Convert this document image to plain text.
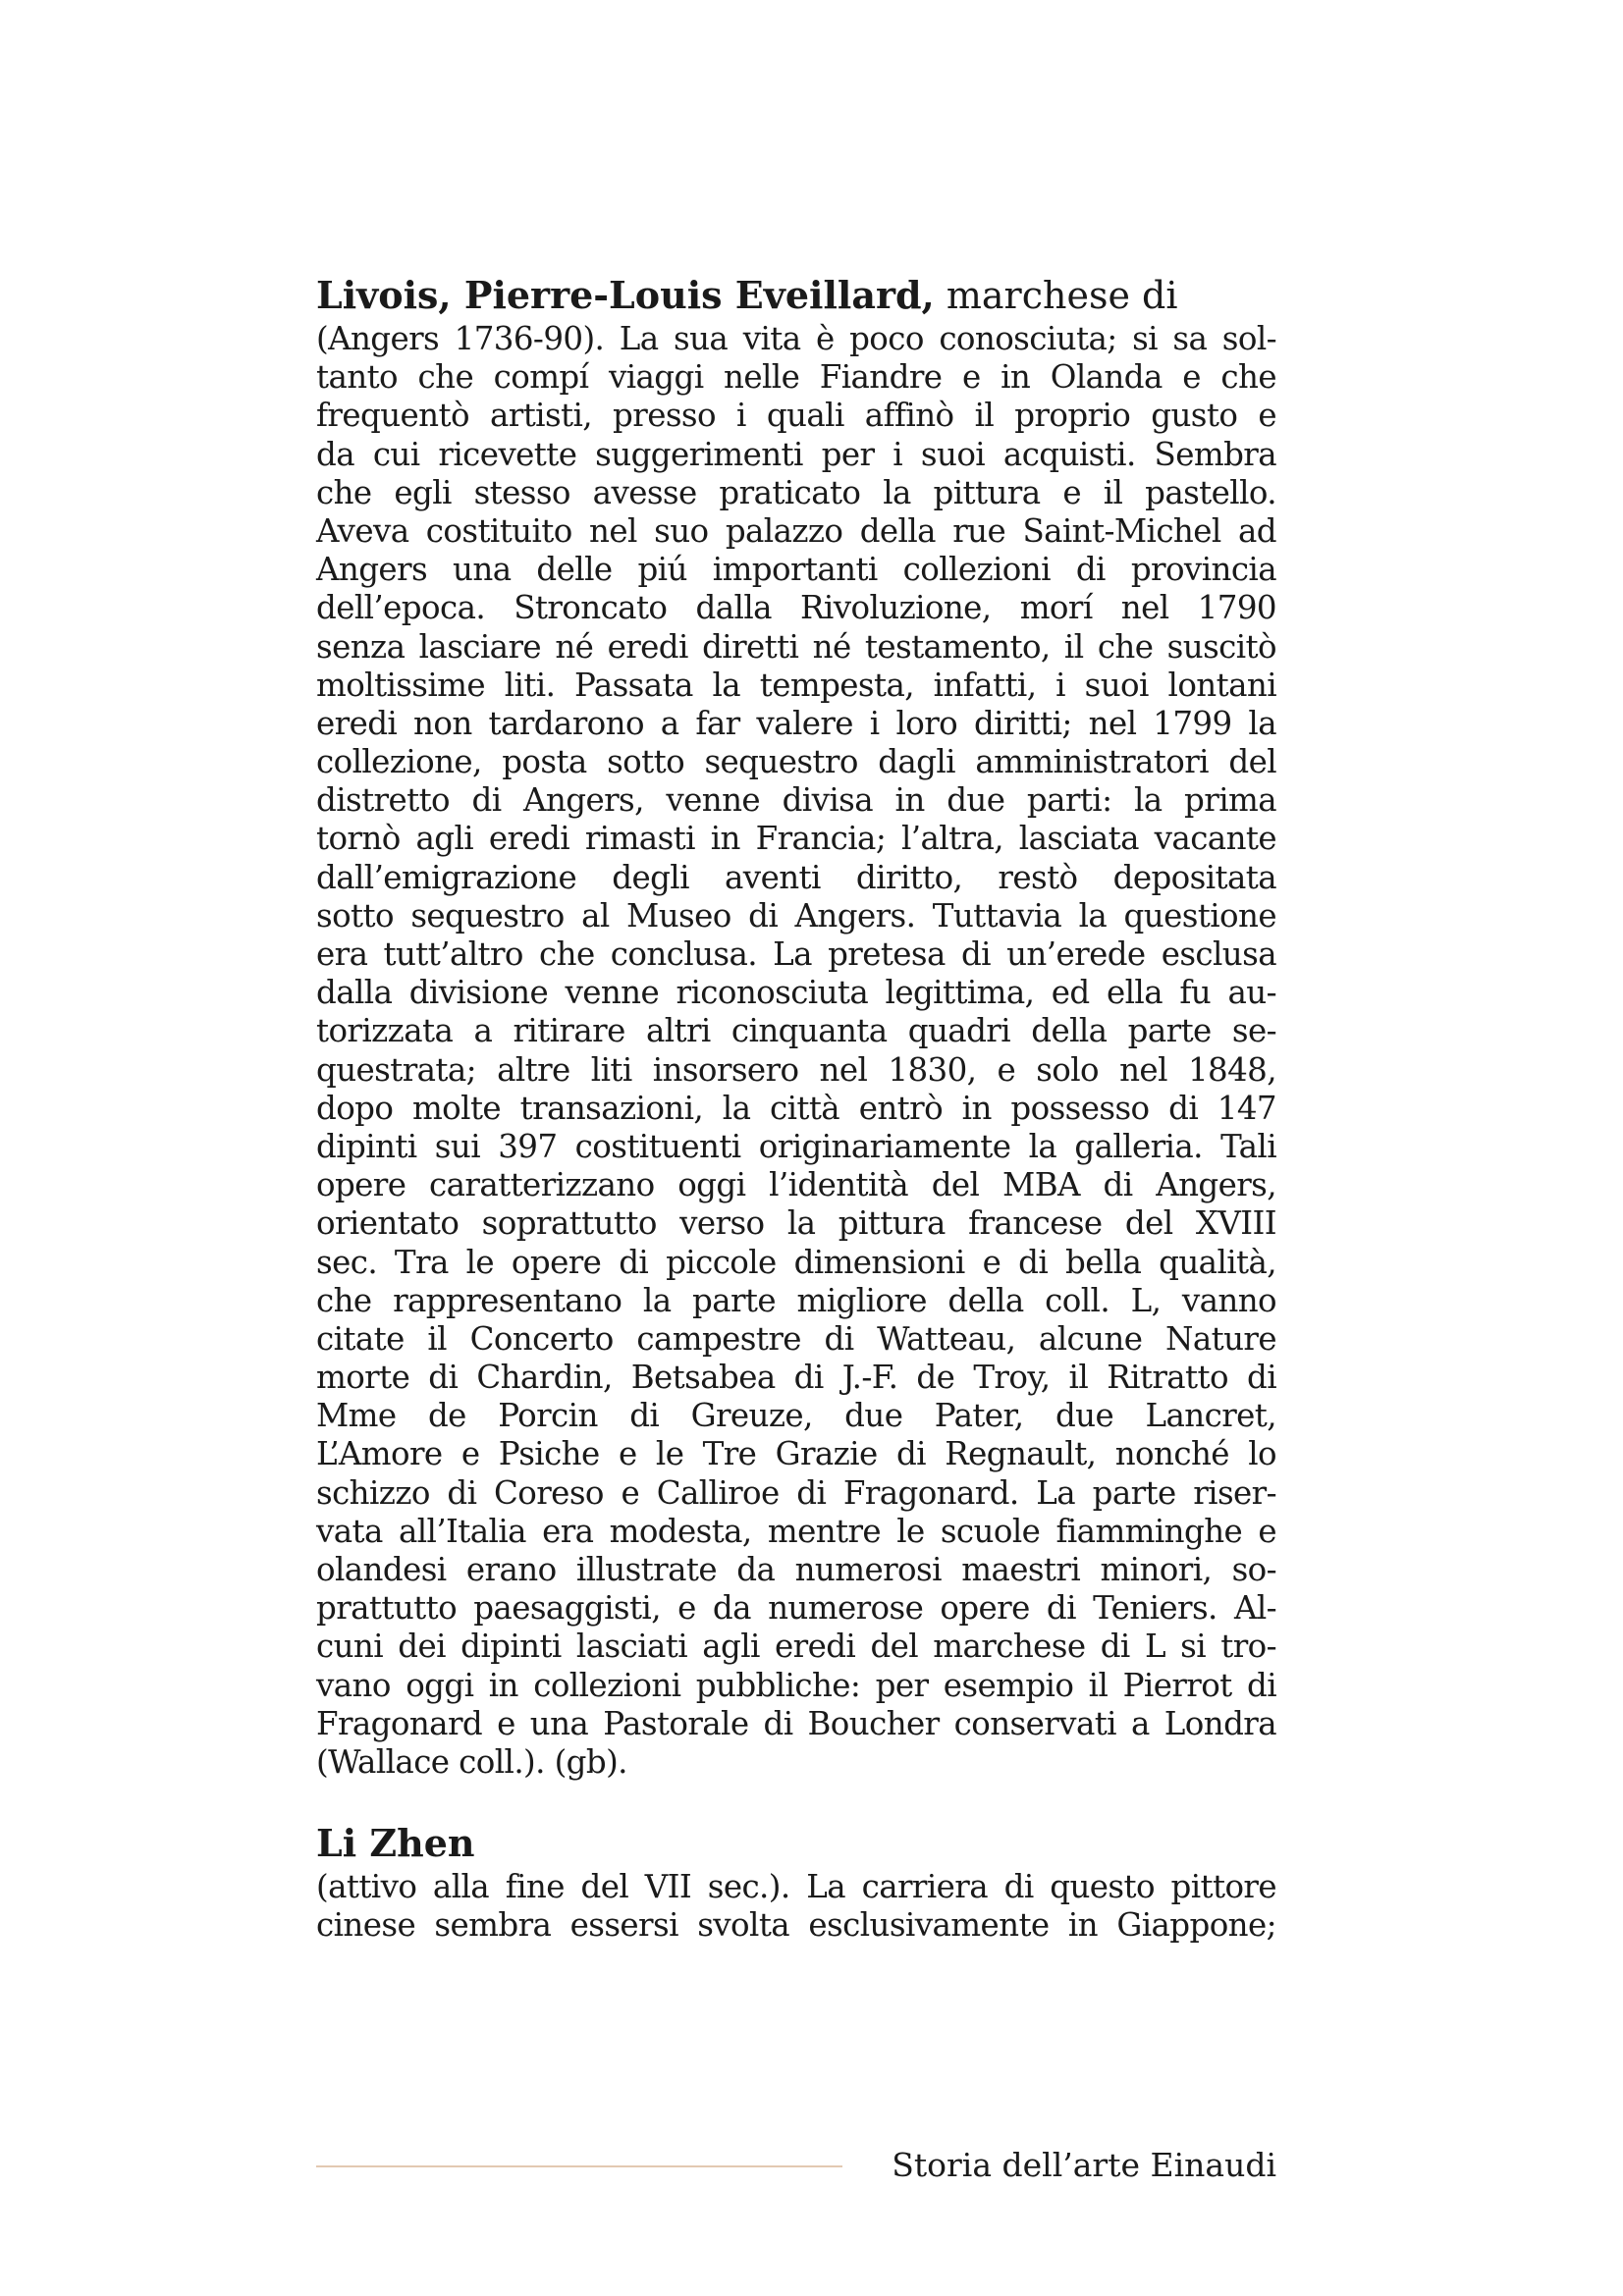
Livois, Pierre-Louis Eveillard, marchese di

(Angers 1736-90). La sua vita è poco conosciuta; si sa sol-
tanto che compí viaggi nelle Fiandre e in Olanda e che
frequentò artisti, presso i quali affinò il proprio gusto e
da cui ricevette suggerimenti per i suoi acquisti. Sembra
che egli stesso avesse praticato la pittura e il pastello.
Aveva costituito nel suo palazzo della rue Saint-Michel ad
Angers una delle piú importanti collezioni di provincia
dell’epoca. Stroncato dalla Rivoluzione, morí nel 1790
senza lasciare né eredi diretti né testamento, il che suscitò
moltissime liti. Passata la tempesta, infatti, i suoi lontani
eredi non tardarono a far valere i loro diritti; nel 1799 la
collezione, posta sotto sequestro dagli amministratori del
distretto di Angers, venne divisa in due parti: la prima
tornò agli eredi rimasti in Francia; l’altra, lasciata vacante
dall’emigrazione degli aventi diritto, restò depositata
sotto sequestro al Museo di Angers. Tuttavia la questione
era tutt’altro che conclusa. La pretesa di un’erede esclusa
dalla divisione venne riconosciuta legittima, ed ella fu au-
torizzata a ritirare altri cinquanta quadri della parte se-
questrata; altre liti insorsero nel 1830, e solo nel 1848,
dopo molte transazioni, la città entrò in possesso di 147
dipinti sui 397 costituenti originariamente la galleria. Tali
opere caratterizzano oggi l’identità del MBA di Angers,
orientato soprattutto verso la pittura francese del XVIII
sec. Tra le opere di piccole dimensioni e di bella qualità,
che rappresentano la parte migliore della coll. L, vanno
citate il Concerto campestre di Watteau, alcune Nature
morte di Chardin, Betsabea di J.-F. de Troy, il Ritratto di
Mme de Porcin di Greuze, due Pater, due Lancret,
L’Amore e Psiche e le Tre Grazie di Regnault, nonché lo
schizzo di Coreso e Calliroe di Fragonard. La parte riser-
vata all’Italia era modesta, mentre le scuole fiamminghe e
olandesi erano illustrate da numerosi maestri minori, so-
prattutto paesaggisti, e da numerose opere di Teniers. Al-
cuni dei dipinti lasciati agli eredi del marchese di L si tro-
vano oggi in collezioni pubbliche: per esempio il Pierrot di
Fragonard e una Pastorale di Boucher conservati a Londra
(Wallace coll.). (gb).

Li Zhen

(attivo alla fine del VII sec.). La carriera di questo pittore
cinese sembra essersi svolta esclusivamente in Giappone;
Storia dell’arte Einaudi
